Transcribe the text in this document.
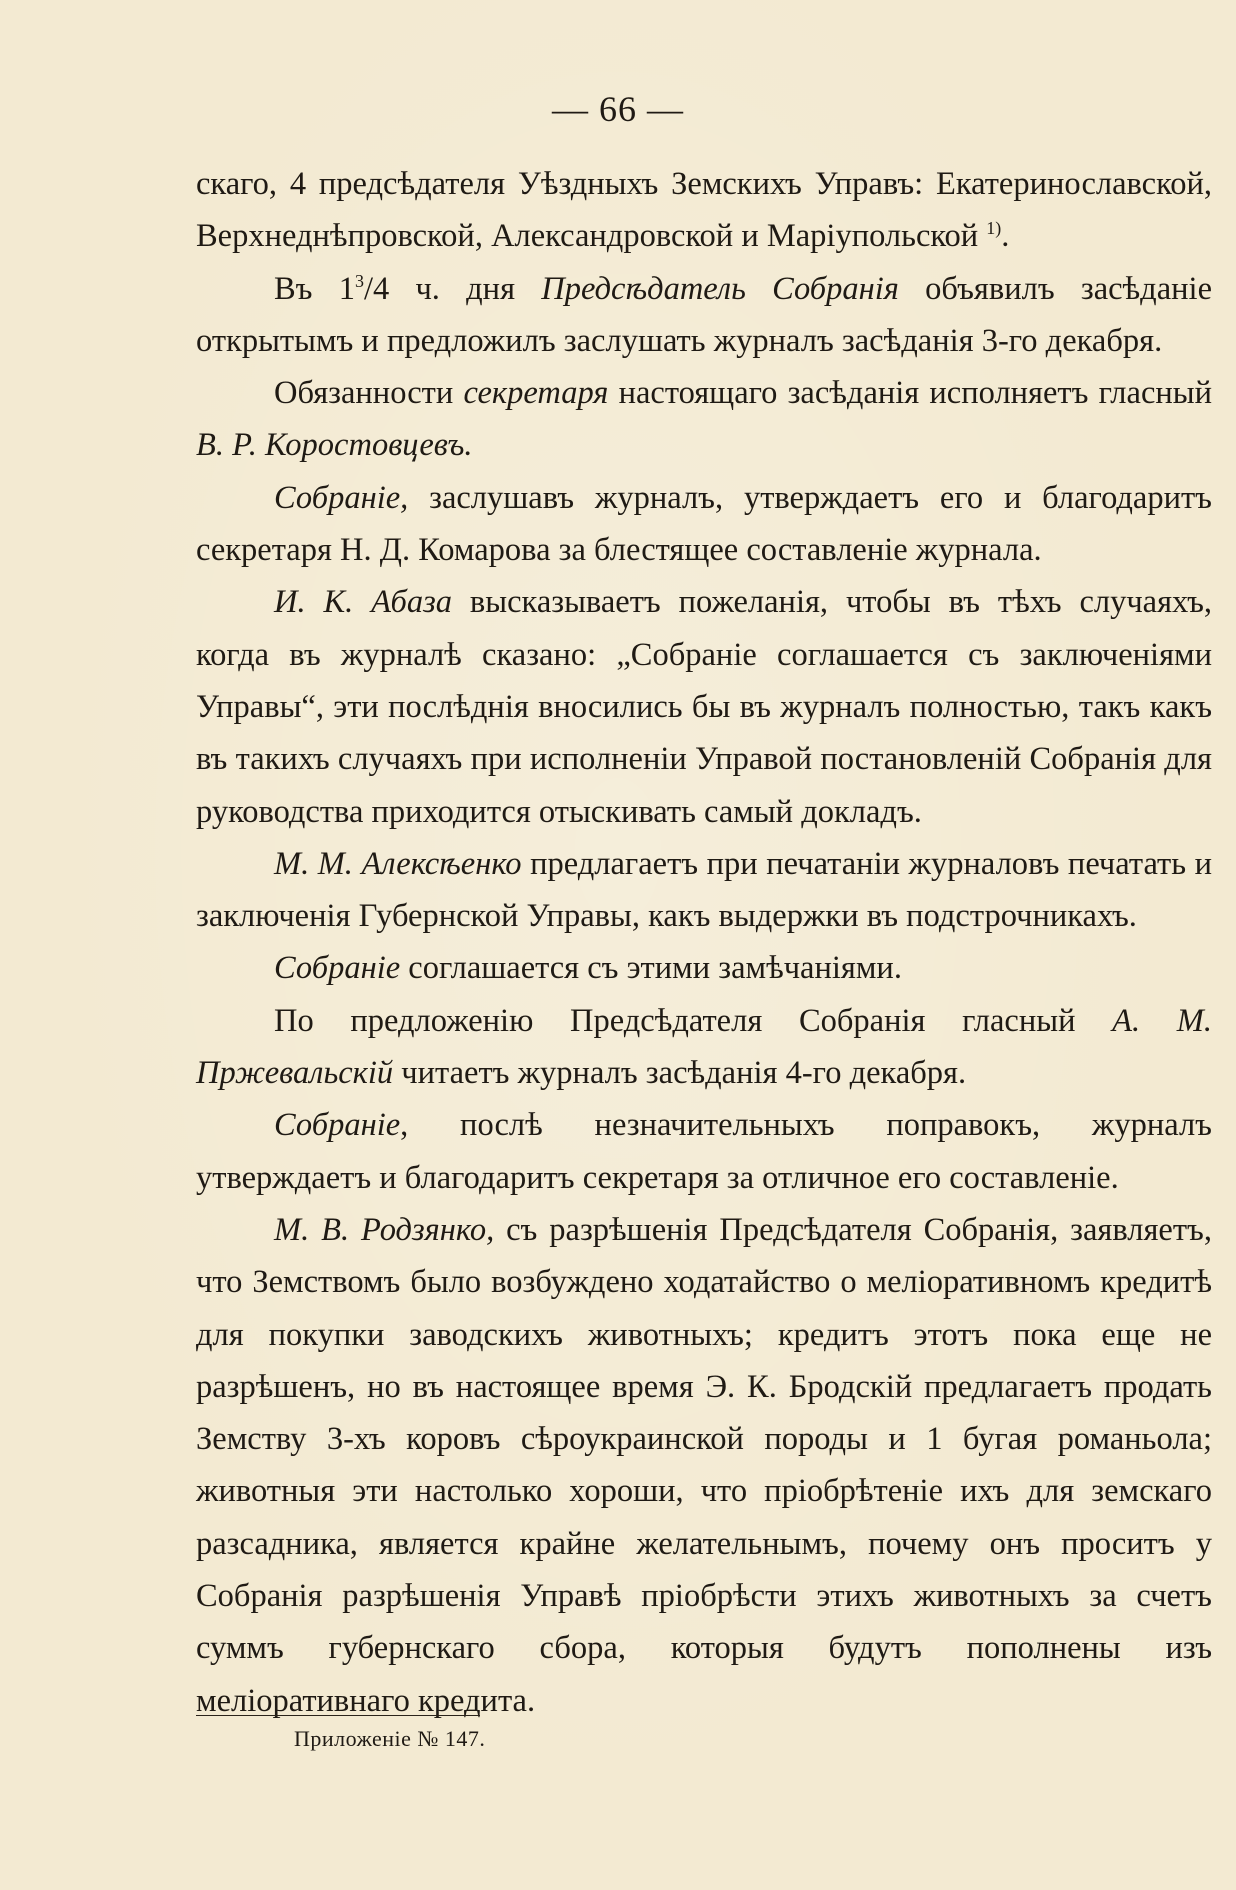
— 66 —

скаго, 4 предсѣдателя Уѣздныхъ Земскихъ Управъ: Екатеринославской, Верхнеднѣпровской, Александровской и Маріупольской $^{1)}$.

Въ $1^3/4$ ч. дня Предсѣдатель Собранія объявилъ засѣданіе открытымъ и предложилъ заслушать журналъ засѣданія 3-го декабря.

Обязанности секретаря настоящаго засѣданія исполняетъ гласный В. Р. Коростовцевъ.

Собраніе, заслушавъ журналъ, утверждаетъ его и благодаритъ секретаря Н. Д. Комарова за блестящее составленіе журнала.

И. К. Абаза высказываетъ пожеланія, чтобы въ тѣхъ случаяхъ, когда въ журналѣ сказано: „Собраніе соглашается съ заключеніями Управы“, эти послѣднія вносились бы въ журналъ полностью, такъ какъ въ такихъ случаяхъ при исполненіи Управой постановленій Собранія для руководства приходится отыскивать самый докладъ.

М. М. Алексѣенко предлагаетъ при печатаніи журналовъ печатать и заключенія Губернской Управы, какъ выдержки въ подстрочникахъ.

Собраніе соглашается съ этими замѣчаніями.

По предложенію Предсѣдателя Собранія гласный А. М. Пржевальскій читаетъ журналъ засѣданія 4-го декабря.

Собраніе, послѣ незначительныхъ поправокъ, журналъ утверждаетъ и благодаритъ секретаря за отличное его составленіе.

М. В. Родзянко, съ разрѣшенія Предсѣдателя Собранія, заявляетъ, что Земствомъ было возбуждено ходатайство о меліоративномъ кредитѣ для покупки заводскихъ животныхъ; кредитъ этотъ пока еще не разрѣшенъ, но въ настоящее время Э. К. Бродскій предлагаетъ продать Земству 3-хъ коровъ сѣроукраинской породы и 1 бугая романьола; животныя эти настолько хороши, что пріобрѣтеніе ихъ для земскаго разсадника, является крайне желательнымъ, почему онъ проситъ у Собранія разрѣшенія Управѣ пріобрѣсти этихъ животныхъ за счетъ суммъ губернскаго сбора, которыя будутъ пополнены изъ меліоративнаго кредита.

Приложеніе № 147.
